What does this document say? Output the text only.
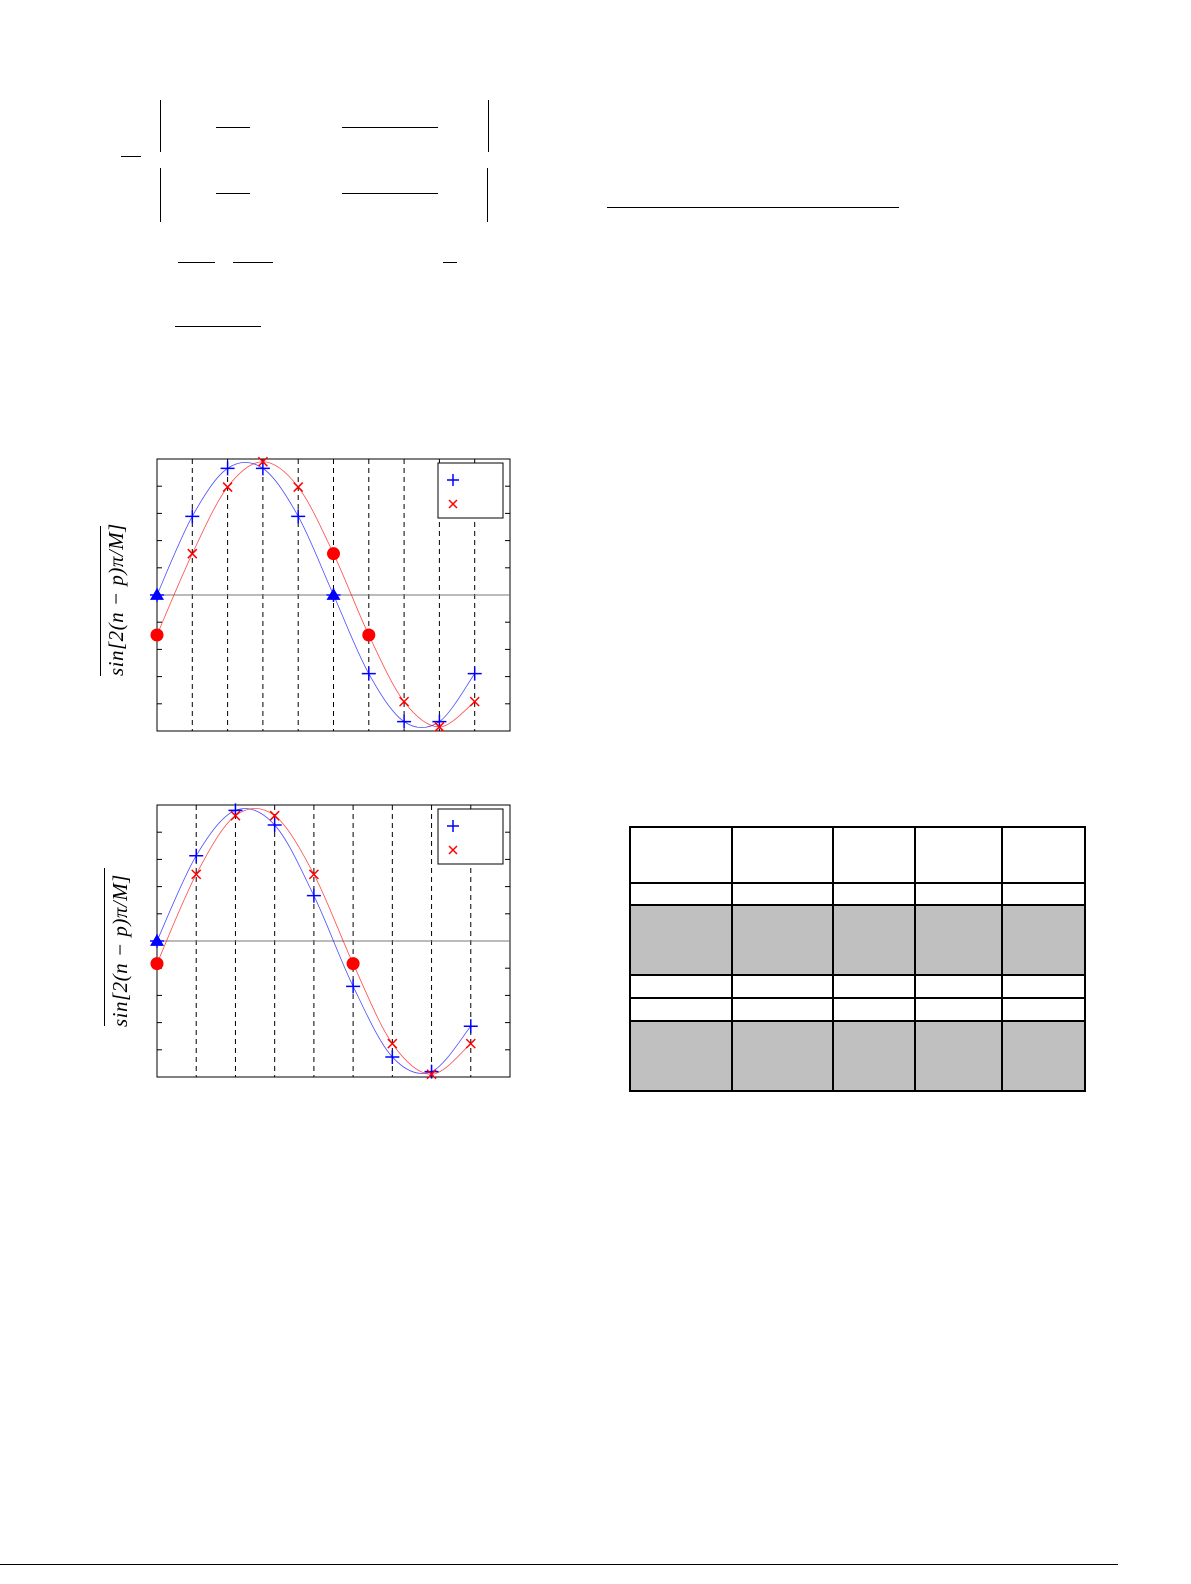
sin[2(n − p)π/M]
sin[2(n − p)π/M]
